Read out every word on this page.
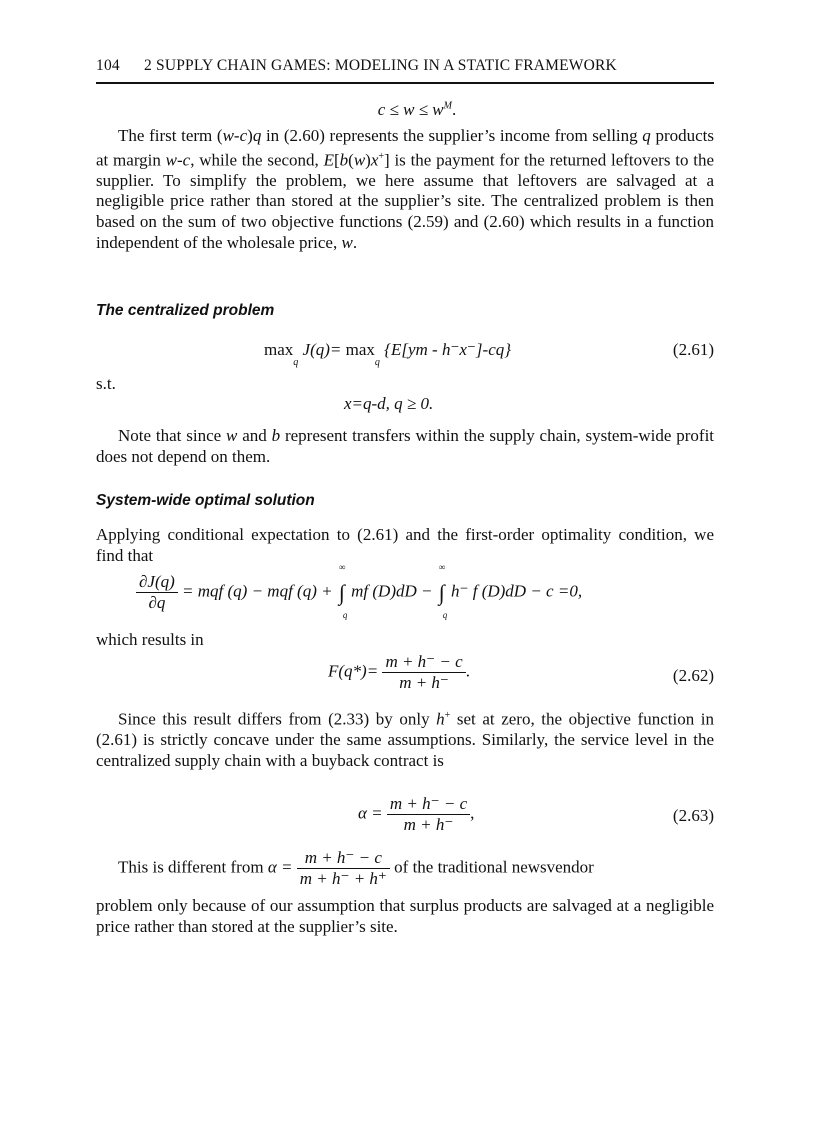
104 2 SUPPLY CHAIN GAMES: MODELING IN A STATIC FRAMEWORK
$c \le w \le w^M$.

The first term (w-c)q in (2.60) represents the supplier’s income from selling q products at margin w-c, while the second, E[b(w)x+] is the payment for the returned leftovers to the supplier. To simplify the problem, we here assume that leftovers are salvaged at a negligible price rather than stored at the supplier’s site. The centralized problem is then based on the sum of two objective functions (2.59) and (2.60) which results in a function independent of the wholesale price, w.

The centralized problem
$\max_q J(q)= \max_q \{E[ym - h^-x^-]-cq\}$	(2.61)
s.t.
x=q-d, q ≥ 0.

Note that since w and b represent transfers within the supply chain, system-wide profit does not depend on them.

System-wide optimal solution

Applying conditional expectation to (2.61) and the first-order optimality condition, we find that

$\frac{\partial J(q)}{\partial q}$ = mqf (q) − mqf (q) + ∫
∞
q
mf (D)dD − ∫
∞
q
h⁻ f (D)dD − c =0,
which results in
$F(q*)= \frac{m + h^- - c}{m + h^-}$ .	(2.62)

Since this result differs from (2.33) by only h+ set at zero, the objective function in (2.61) is strictly concave under the same assumptions. Similarly, the service level in the centralized supply chain with a buyback contract is

$\alpha = \frac{m + h^- - c}{m + h^-}$ ,	(2.63)
This is different from $\alpha = \frac{m + h^- - c}{m + h^- + h^+}$ of the traditional newsvendor

problem only because of our assumption that surplus products are salvaged at a negligible price rather than stored at the supplier’s site.
